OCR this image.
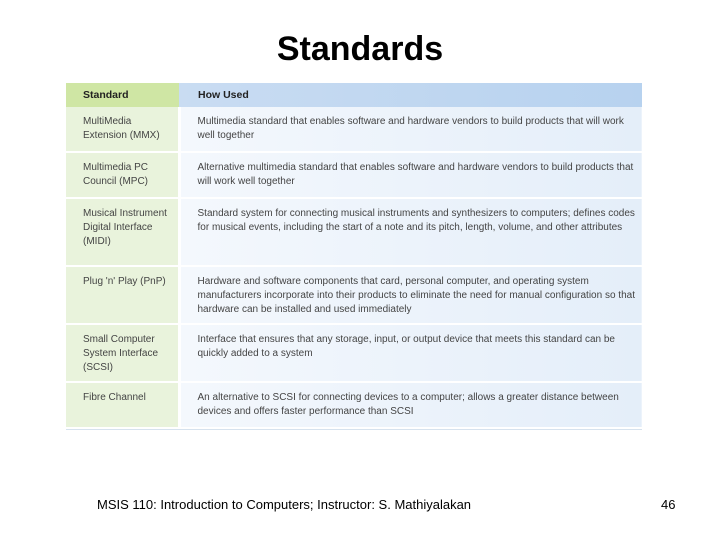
Standards
Standard	How Used
MultiMedia Extension (MMX)	Multimedia standard that enables software and hardware vendors to build products that will work well together
Multimedia PC Council (MPC)	Alternative multimedia standard that enables software and hardware vendors to build products that will work well together
Musical Instrument Digital Interface (MIDI)	Standard system for connecting musical instruments and synthesizers to computers; defines codes for musical events, including the start of a note and its pitch, length, volume, and other attributes
Plug 'n' Play (PnP)	Hardware and software components that card, personal computer, and operating system manufacturers incorporate into their products to eliminate the need for manual configuration so that hardware can be installed and used immediately
Small Computer System Interface (SCSI)	Interface that ensures that any storage, input, or output device that meets this standard can be quickly added to a system
Fibre Channel	An alternative to SCSI for connecting devices to a computer; allows a greater distance between devices and offers faster performance than SCSI
MSIS 110: Introduction to Computers; Instructor: S. Mathiyalakan	46
